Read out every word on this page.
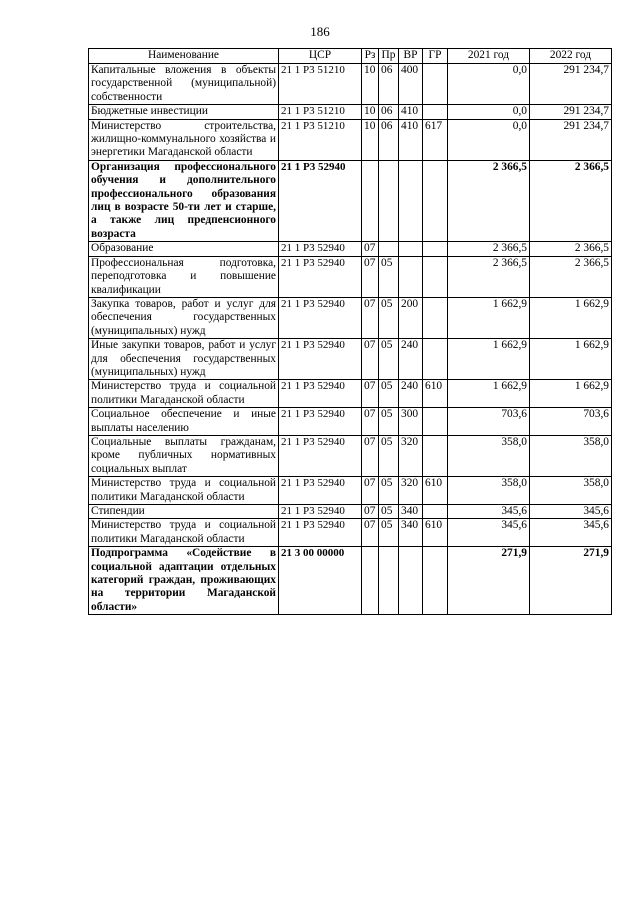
186
Наименование	ЦСР	Рз	Пр	ВР	ГР	2021 год	2022 год
Капитальные вложения в объекты государственной (муниципальной) собственности	21 1 Р3 51210	10	06	400		0,0	291 234,7
Бюджетные инвестиции	21 1 Р3 51210	10	06	410		0,0	291 234,7
Министерство строительства, жилищно-коммунального хозяйства и энергетики Магаданской области	21 1 Р3 51210	10	06	410	617	0,0	291 234,7
Организация профессионального обучения и дополнительного профессионального образования лиц в возрасте 50-ти лет и старше, а также лиц предпенсионного возраста	21 1 Р3 52940					2 366,5	2 366,5
Образование	21 1 Р3 52940	07				2 366,5	2 366,5
Профессиональная подготовка, переподготовка и повышение квалификации	21 1 Р3 52940	07	05			2 366,5	2 366,5
Закупка товаров, работ и услуг для обеспечения государственных (муниципальных) нужд	21 1 Р3 52940	07	05	200		1 662,9	1 662,9
Иные закупки товаров, работ и услуг для обеспечения государственных (муниципальных) нужд	21 1 Р3 52940	07	05	240		1 662,9	1 662,9
Министерство труда и социальной политики Магаданской области	21 1 Р3 52940	07	05	240	610	1 662,9	1 662,9
Социальное обеспечение и иные выплаты населению	21 1 Р3 52940	07	05	300		703,6	703,6
Социальные выплаты гражданам, кроме публичных нормативных социальных выплат	21 1 Р3 52940	07	05	320		358,0	358,0
Министерство труда и социальной политики Магаданской области	21 1 Р3 52940	07	05	320	610	358,0	358,0
Стипендии	21 1 Р3 52940	07	05	340		345,6	345,6
Министерство труда и социальной политики Магаданской области	21 1 Р3 52940	07	05	340	610	345,6	345,6
Подпрограмма «Содействие в социальной адаптации отдельных категорий граждан, проживающих на территории Магаданской области»	21 3 00 00000					271,9	271,9
